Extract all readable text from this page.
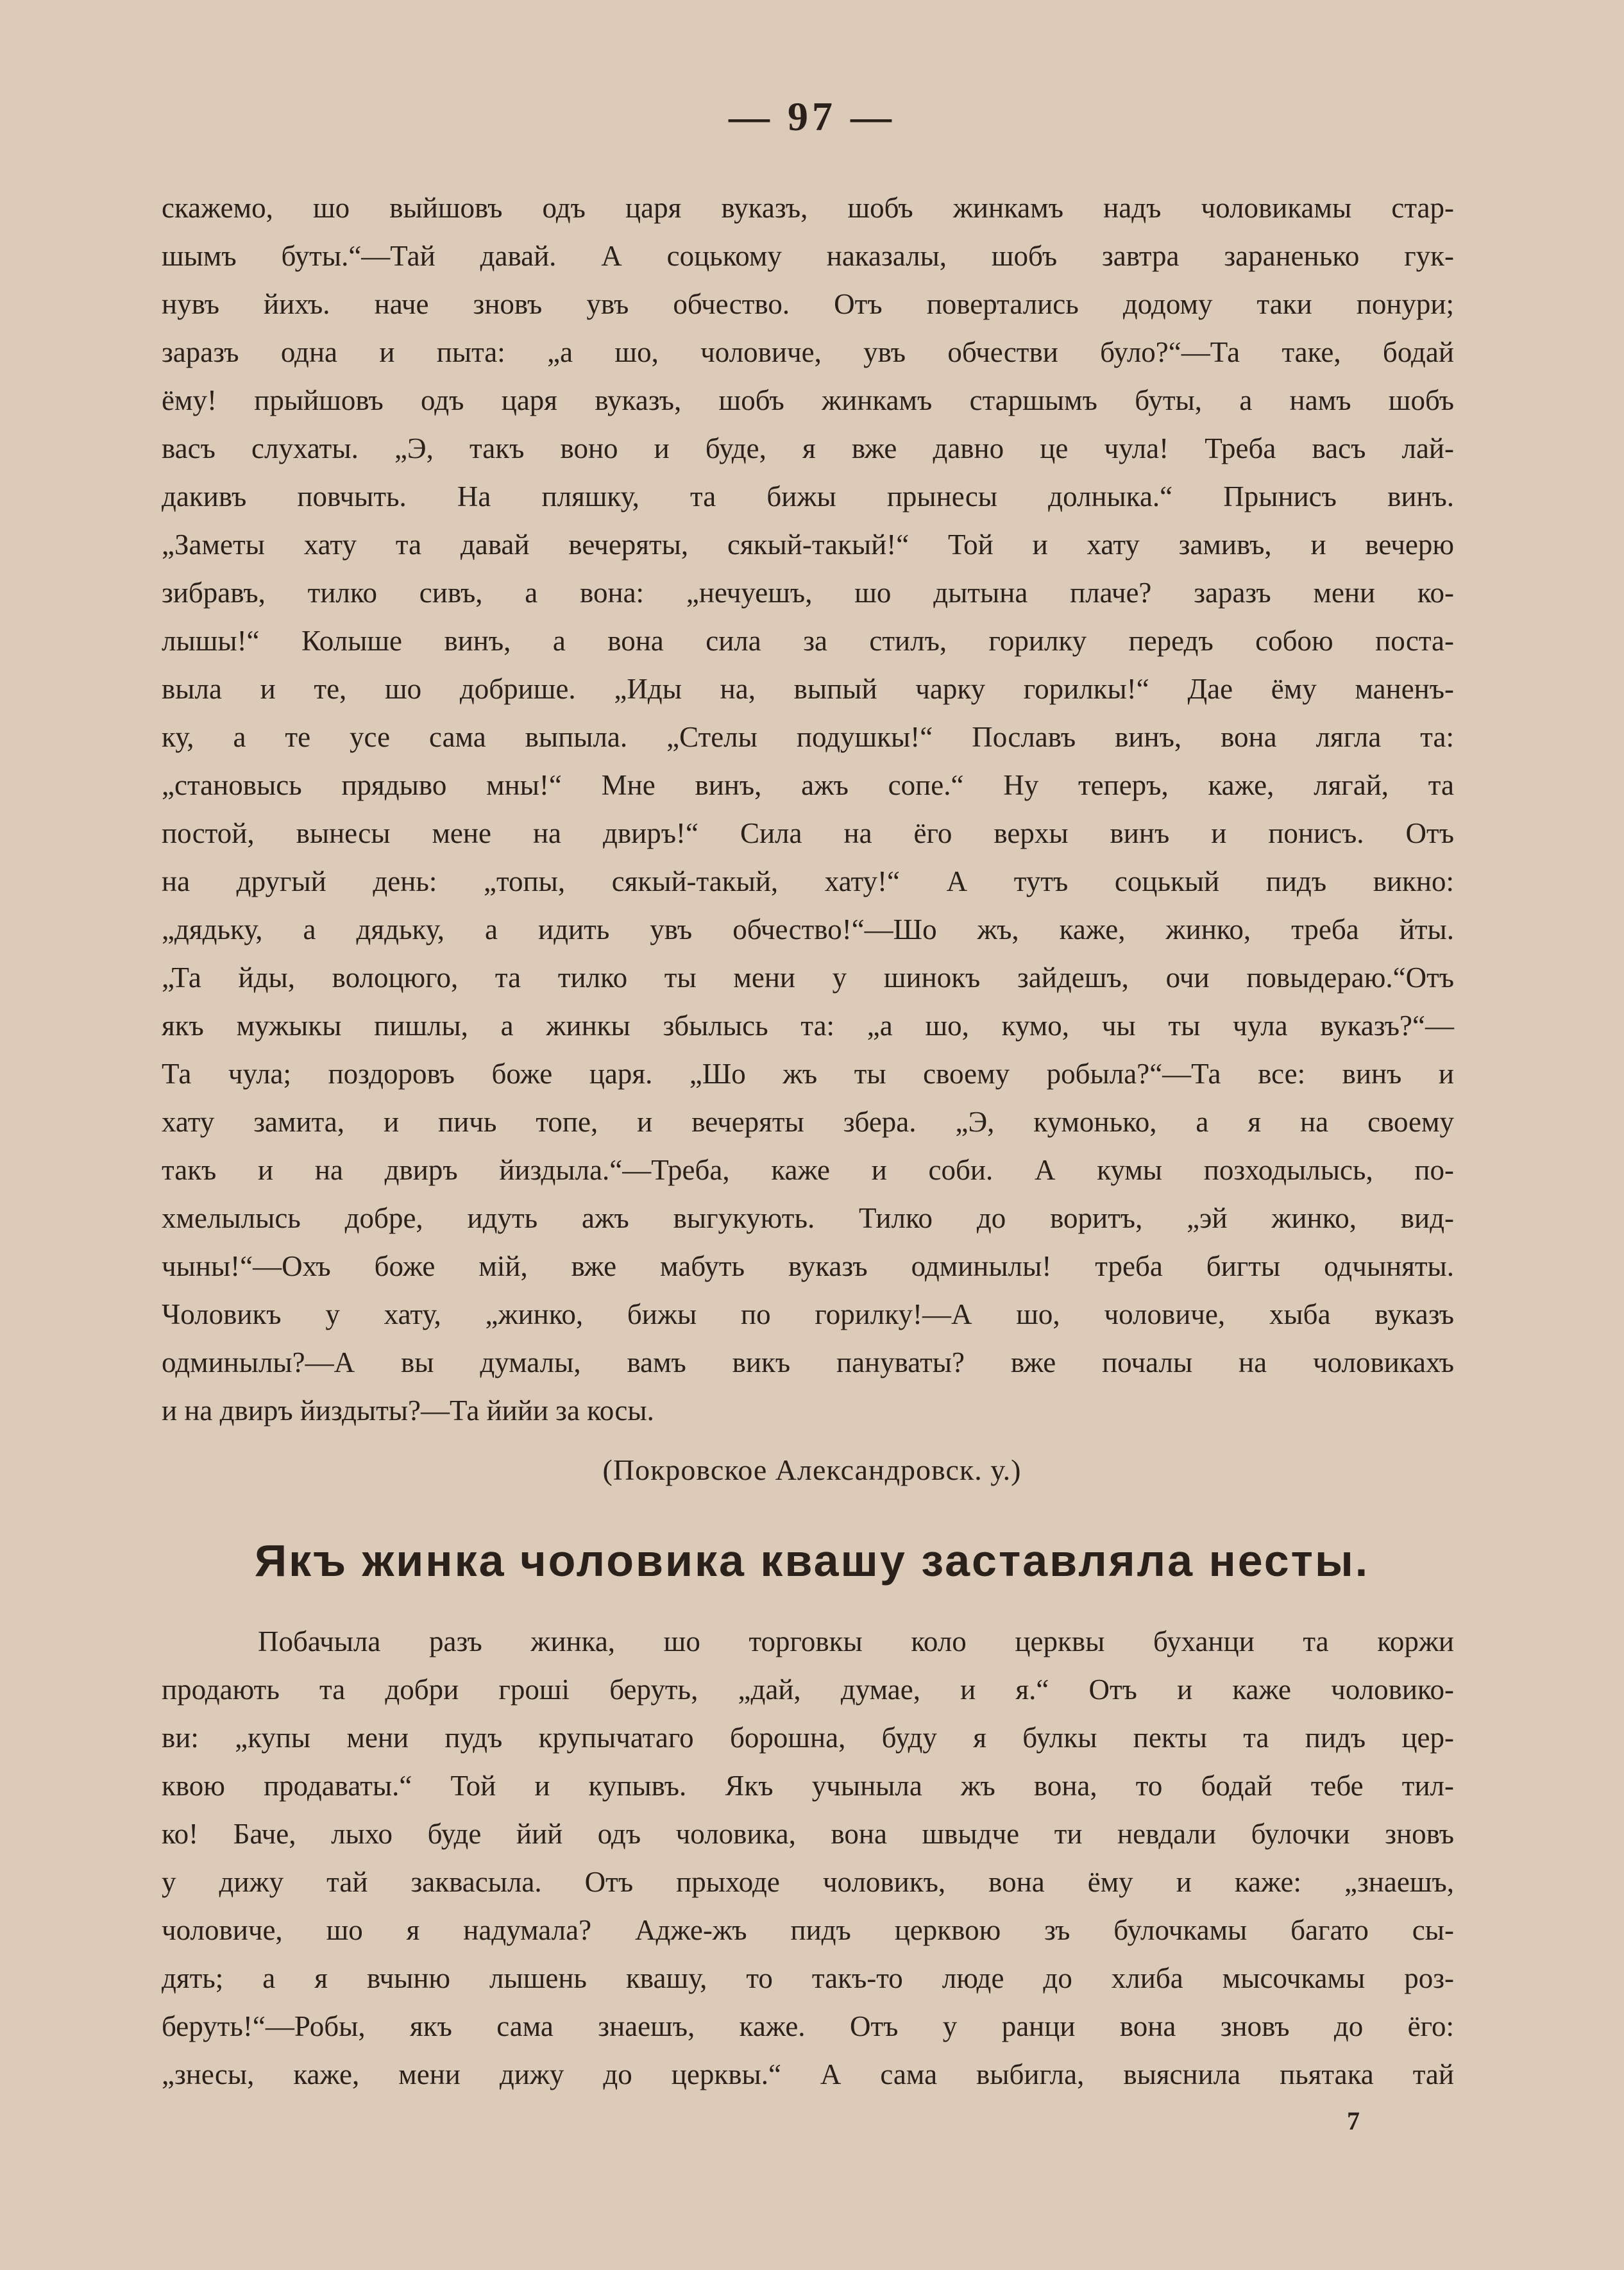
— 97 —
скажемо, шо выйшовъ одъ царя вуказъ, шобъ жинкамъ надъ чоловикамы стар-
шымъ буты.“—Тай давай. А соцькому наказалы, шобъ завтра зараненько гук-
нувъ йихъ. наче зновъ увъ обчество. Отъ повертались додому таки понури;
заразъ одна и пыта: „а шо, чоловиче, увъ обчестви було?“—Та таке, бодай
ёму! прыйшовъ одъ царя вуказъ, шобъ жинкамъ старшымъ буты, а намъ шобъ
васъ слухаты. „Э, такъ воно и буде, я вже давно це чула! Треба васъ лай-
дакивъ повчыть. На пляшку, та бижы прынесы долныка.“ Прынисъ винъ.
„Заметы хату та давай вечеряты, сякый-такый!“ Той и хату замивъ, и вечерю
зибравъ, тилко сивъ, а вона: „нечуешъ, шо дытына плаче? заразъ мени ко-
лышы!“ Колыше винъ, а вона сила за стилъ, горилку передъ собою поста-
выла и те, шо добрише. „Иды на, выпый чарку горилкы!“ Дае ёму маненъ-
ку, а те усе сама выпыла. „Стелы подушкы!“ Пославъ винъ, вона лягла та:
„становысь прядыво мны!“ Мне винъ, ажъ сопе.“ Ну теперъ, каже, лягай, та
постой, вынесы мене на двиръ!“ Сила на ёго верхы винъ и понисъ. Отъ
на другый день: „топы, сякый-такый, хату!“ А тутъ соцькый пидъ викно:
„дядьку, а дядьку, а идить увъ обчество!“—Шо жъ, каже, жинко, треба йты.
„Та йды, волоцюго, та тилко ты мени у шинокъ зайдешъ, очи повыдераю.“Отъ
якъ мужыкы пишлы, а жинкы збылысь та: „а шо, кумо, чы ты чула вуказъ?“—
Та чула; поздоровъ боже царя. „Шо жъ ты своему робыла?“—Та все: винъ и
хату замита, и пичь топе, и вечеряты збера. „Э, кумонько, а я на своему
такъ и на двиръ йиздыла.“—Треба, каже и соби. А кумы позходылысь, по-
хмелылысь добре, идуть ажъ выгукують. Тилко до воритъ, „эй жинко, вид-
чыны!“—Охъ боже мій, вже мабуть вуказъ одминылы! треба бигты одчыняты.
Чоловикъ у хату, „жинко, бижы по горилку!—А шо, чоловиче, хыба вуказъ
одминылы?—А вы думалы, вамъ викъ пануваты? вже почалы на чоловикахъ
и на двиръ йиздыты?—Та йийи за косы.
(Покровское Александровск. у.)
Якъ жинка чоловика квашу заставляла несты.
Побачыла разъ жинка, шо торговкы коло церквы буханци та коржи
продають та добри грошi беруть, „дай, думае, и я.“ Отъ и каже чоловико-
ви: „купы мени пудъ крупычатаго борошна, буду я булкы пекты та пидъ цер-
квою продаваты.“ Той и купывъ. Якъ учыныла жъ вона, то бодай тебе тил-
ко! Баче, лыхо буде йий одъ чоловика, вона швыдче ти невдали булочки зновъ
у дижу тай заквасыла. Отъ прыходе чоловикъ, вона ёму и каже: „знаешъ,
чоловиче, шо я надумала? Адже-жъ пидъ церквою зъ булочкамы багато сы-
дять; а я вчыню лышень квашу, то такъ-то люде до хлиба мысочкамы роз-
беруть!“—Робы, якъ сама знаешъ, каже. Отъ у ранци вона зновъ до ёго:
„знесы, каже, мени дижу до церквы.“ А сама выбигла, выяснила пьятака тай
7
